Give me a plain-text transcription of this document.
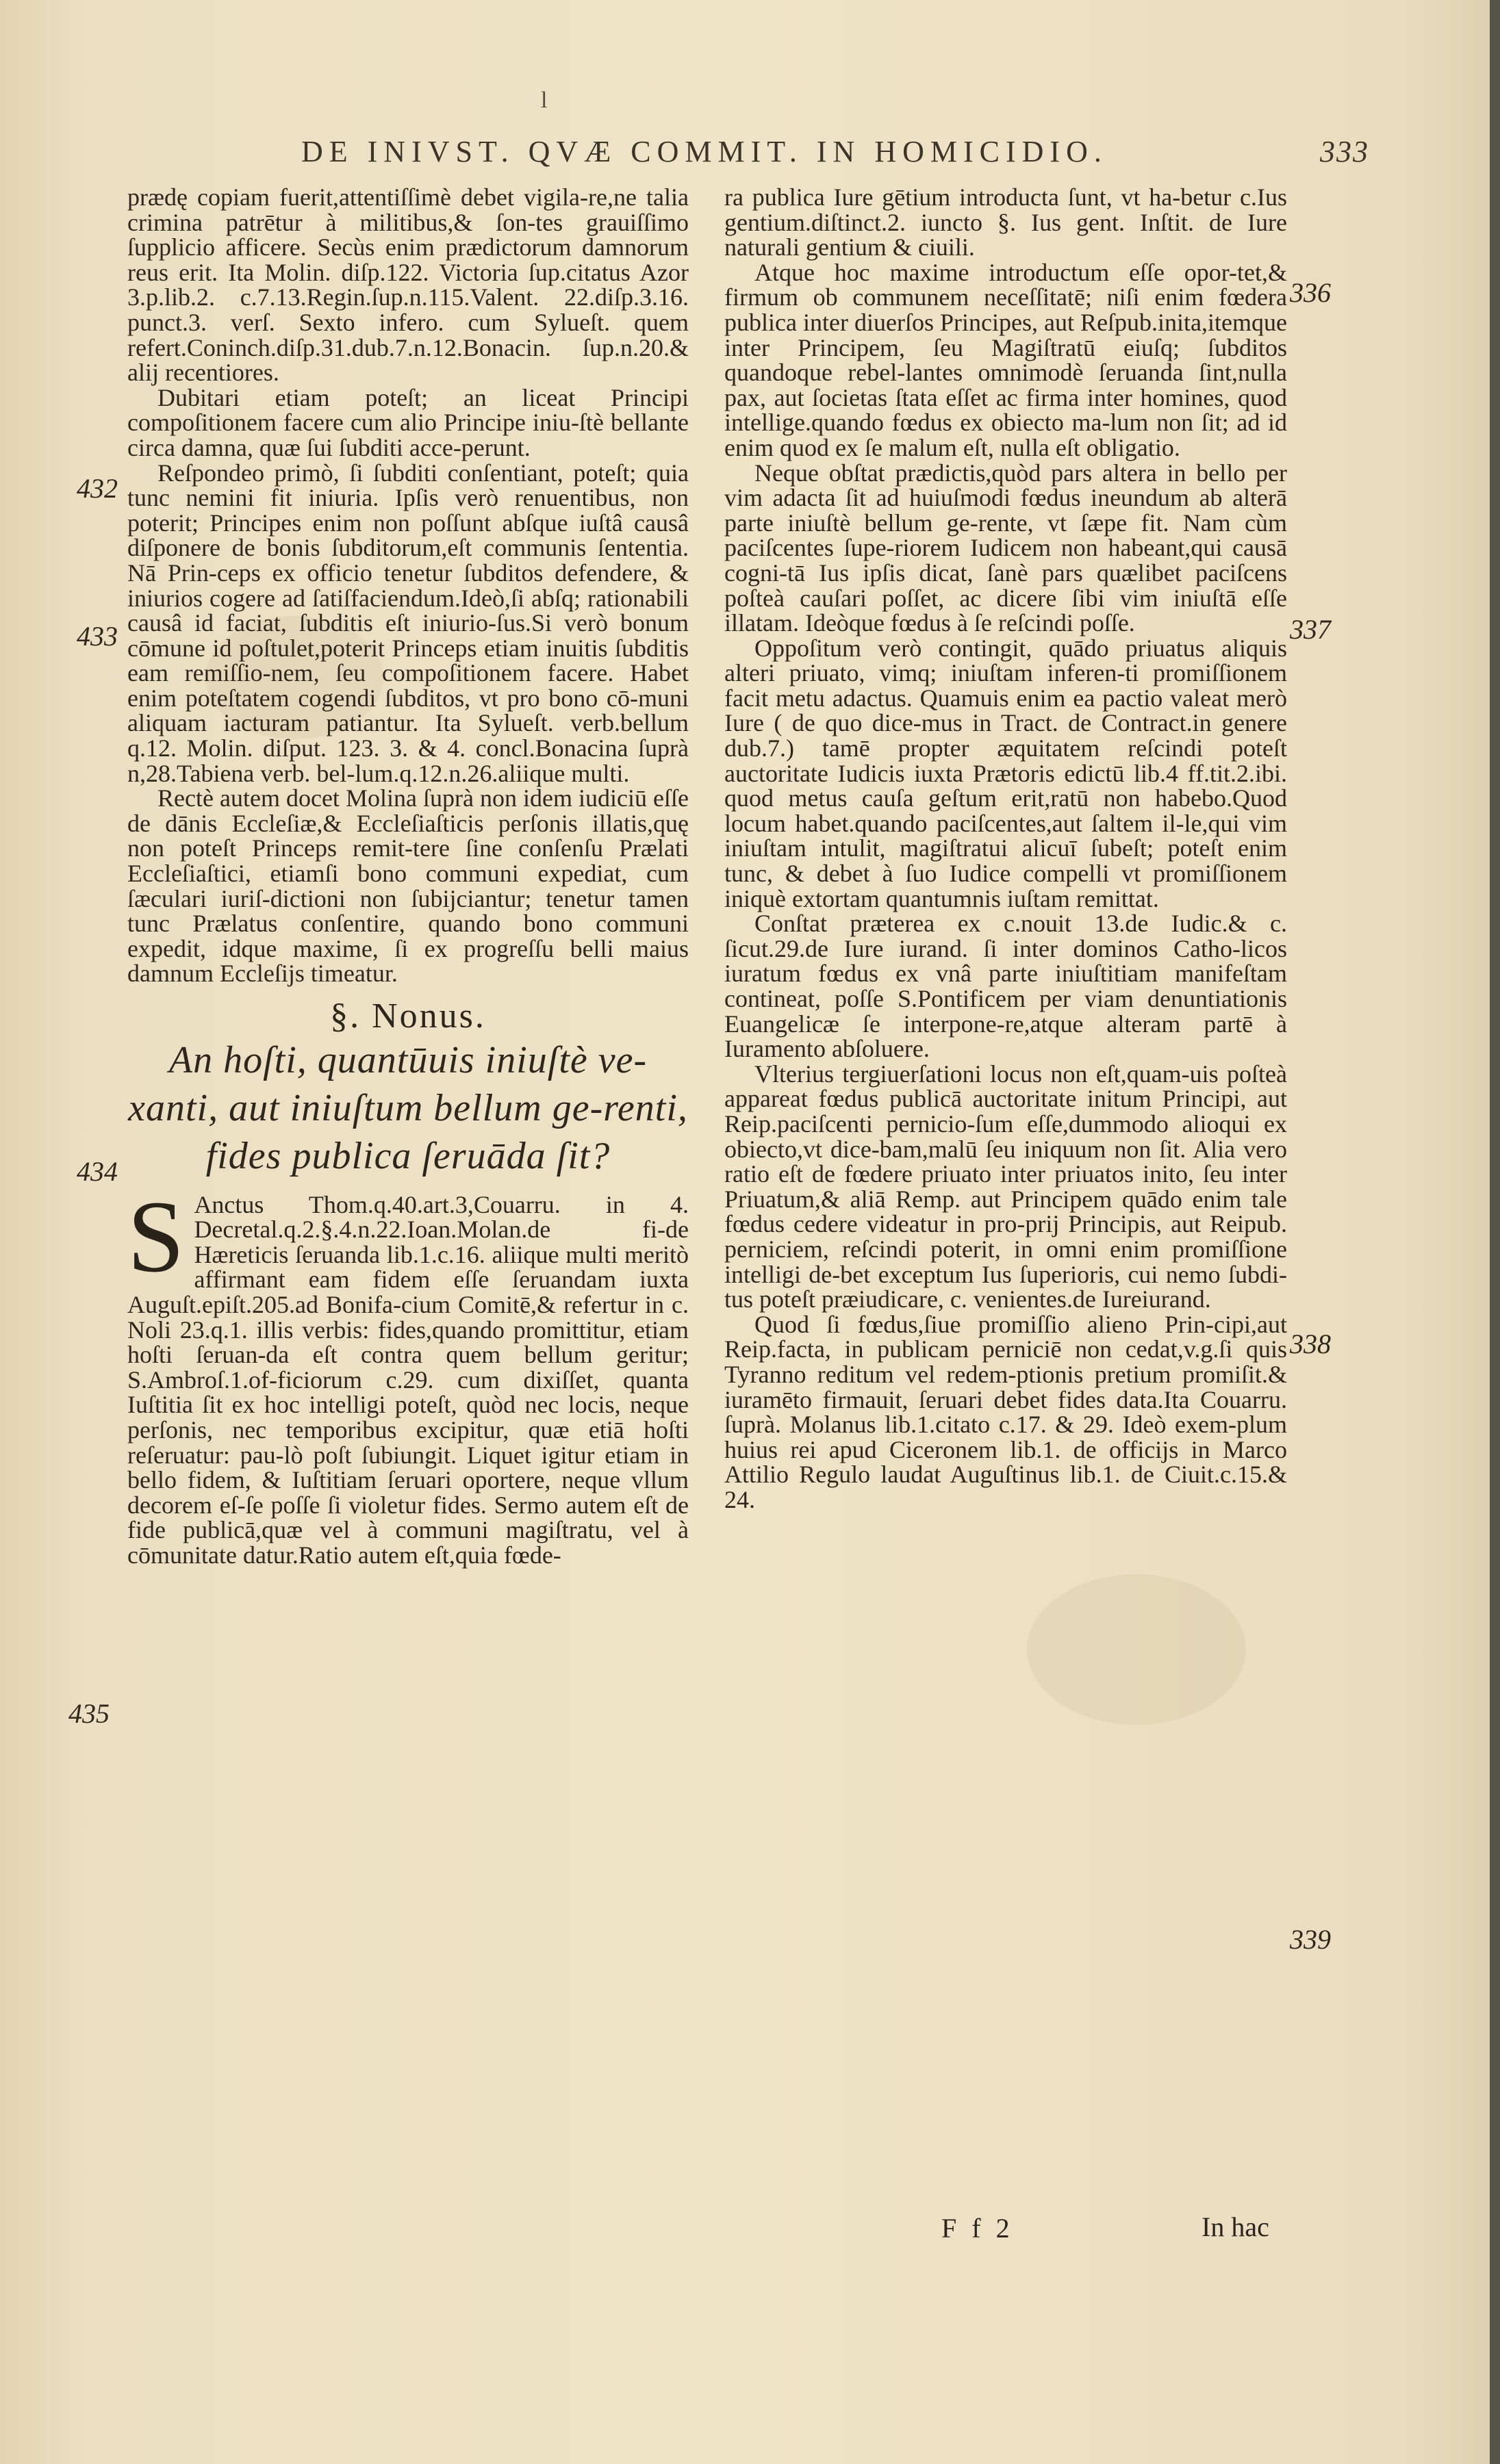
l
DE INIVST. QVÆ COMMIT. IN HOMICIDIO.	333

prædę copiam fuerit,attentiſſimè debet vigila-re,ne talia crimina patrētur à militibus,& ſon-tes grauiſſimo ſupplicio afficere. Secùs enim prædictorum damnorum reus erit. Ita Molin. diſp.122. Victoria ſup.citatus Azor 3.p.lib.2. c.7.13.Regin.ſup.n.115.Valent. 22.diſp.3.16. punct.3. verſ. Sexto infero. cum Sylueſt. quem refert.Coninch.diſp.31.dub.7.n.12.Bonacin. ſup.n.20.& alij recentiores.

Dubitari etiam poteſt; an liceat Principi compoſitionem facere cum alio Principe iniu-ſtè bellante circa damna, quæ ſui ſubditi acce-perunt.

Reſpondeo primò, ſi ſubditi conſentiant, poteſt; quia tunc nemini fit iniuria. Ipſis verò renuentibus, non poterit; Principes enim non poſſunt abſque iuſtâ causâ diſponere de bonis ſubditorum,eſt communis ſententia. Nā Prin-ceps ex officio tenetur ſubditos defendere, & iniurios cogere ad ſatiſfaciendum.Ideò,ſi abſq; rationabili causâ id faciat, ſubditis eſt iniurio-ſus.Si verò bonum cōmune id poſtulet,poterit Princeps etiam inuitis ſubditis eam remiſſio-nem, ſeu compoſitionem facere. Habet enim poteſtatem cogendi ſubditos, vt pro bono cō-muni aliquam iacturam patiantur. Ita Sylueſt. verb.bellum q.12. Molin. diſput. 123. 3. & 4. concl.Bonacina ſuprà n,28.Tabiena verb. bel-lum.q.12.n.26.aliique multi.

Rectè autem docet Molina ſuprà non idem iudiciū eſſe de dānis Eccleſiæ,& Eccleſiaſticis perſonis illatis,quę non poteſt Princeps remit-tere ſine conſenſu Prælati Eccleſiaſtici, etiamſi bono communi expediat, cum ſæculari iuriſ-dictioni non ſubijciantur; tenetur tamen tunc Prælatus conſentire, quando bono communi expedit, idque maxime, ſi ex progreſſu belli maius damnum Eccleſijs timeatur.

§. Nonus.
An hoſti, quantūuis iniuſtè ve-xanti, aut iniuſtum bellum ge-renti, fides publica ſeruāda ſit?

S Anctus Thom.q.40.art.3,Couarru. in 4. Decretal.q.2.§.4.n.22.Ioan.Molan.de fi-de Hæreticis ſeruanda lib.1.c.16. aliique multi meritò affirmant eam fidem eſſe ſeruandam iuxta Auguſt.epiſt.205.ad Bonifa-cium Comitē,& refertur in c. Noli 23.q.1. illis verbis: fides,quando promittitur, etiam hoſti ſeruan-da eſt contra quem bellum geritur; S.Ambroſ.1.of-ficiorum c.29. cum dixiſſet, quanta Iuſtitia ſit ex hoc intelligi poteſt, quòd nec locis, neque perſonis, nec temporibus excipitur, quæ etiā hoſti reſeruatur: pau-lò poſt ſubiungit. Liquet igitur etiam in bello fidem, & Iuſtitiam ſeruari oportere, neque vllum decorem eſ-ſe poſſe ſi violetur fides. Sermo autem eſt de fide publicā,quæ vel à communi magiſtratu, vel à cōmunitate datur.Ratio autem eſt,quia fœde-

432
433
434
435

ra publica Iure gētium introducta ſunt, vt ha-betur c.Ius gentium.diſtinct.2. iuncto §. Ius gent. Inſtit. de Iure naturali gentium & ciuili.

Atque hoc maxime introductum eſſe opor-tet,& firmum ob communem neceſſitatē; niſi enim fœdera publica inter diuerſos Principes, aut Reſpub.inita,itemque inter Principem, ſeu Magiſtratū eiuſq; ſubditos quandoque rebel-lantes omnimodè ſeruanda ſint,nulla pax, aut ſocietas ſtata eſſet ac firma inter homines, quod intellige.quando fœdus ex obiecto ma-lum non ſit; ad id enim quod ex ſe malum eſt, nulla eſt obligatio.

Neque obſtat prædictis,quòd pars altera in bello per vim adacta ſit ad huiuſmodi fœdus ineundum ab alterā parte iniuſtè bellum ge-rente, vt ſæpe fit. Nam cùm paciſcentes ſupe-riorem Iudicem non habeant,qui causā cogni-tā Ius ipſis dicat, ſanè pars quælibet paciſcens poſteà cauſari poſſet, ac dicere ſibi vim iniuſtā eſſe illatam. Ideòque fœdus à ſe reſcindi poſſe.

Oppoſitum verò contingit, quādo priuatus aliquis alteri priuato, vimq; iniuſtam inferen-ti promiſſionem facit metu adactus. Quamuis enim ea pactio valeat merò Iure ( de quo dice-mus in Tract. de Contract.in genere dub.7.) tamē propter æquitatem reſcindi poteſt auctoritate Iudicis iuxta Prætoris edictū lib.4 ff.tit.2.ibi. quod metus cauſa geſtum erit,ratū non habebo.Quod locum habet.quando paciſcentes,aut ſaltem il-le,qui vim iniuſtam intulit, magiſtratui alicuī ſubeſt; poteſt enim tunc, & debet à ſuo Iudice compelli vt promiſſionem iniquè extortam quantumnis iuſtam remittat.

Conſtat præterea ex c.nouit 13.de Iudic.& c. ſicut.29.de Iure iurand. ſi inter dominos Catho-licos iuratum fœdus ex vnâ parte iniuſtitiam manifeſtam contineat, poſſe S.Pontificem per viam denuntiationis Euangelicæ ſe interpone-re,atque alteram partē à Iuramento abſoluere.

Vlterius tergiuerſationi locus non eſt,quam-uis poſteà appareat fœdus publicā auctoritate initum Principi, aut Reip.paciſcenti pernicio-ſum eſſe,dummodo alioqui ex obiecto,vt dice-bam,malū ſeu iniquum non ſit. Alia vero ratio eſt de fœdere priuato inter priuatos inito, ſeu inter Priuatum,& aliā Remp. aut Principem quādo enim tale fœdus cedere videatur in pro-prij Principis, aut Reipub. perniciem, reſcindi poterit, in omni enim promiſſione intelligi de-bet exceptum Ius ſuperioris, cui nemo ſubdi-tus poteſt præiudicare, c. venientes.de Iureiurand.

Quod ſi fœdus,ſiue promiſſio alieno Prin-cipi,aut Reip.facta, in publicam perniciē non cedat,v.g.ſi quis Tyranno reditum vel redem-ptionis pretium promiſit.& iuramēto firmauit, ſeruari debet fides data.Ita Couarru. ſuprà. Molanus lib.1.citato c.17. & 29. Ideò exem-plum huius rei apud Ciceronem lib.1. de officijs in Marco Attilio Regulo laudat Auguſtinus lib.1. de Ciuit.c.15.& 24.

336
337
338
339
F f 2	In hac
